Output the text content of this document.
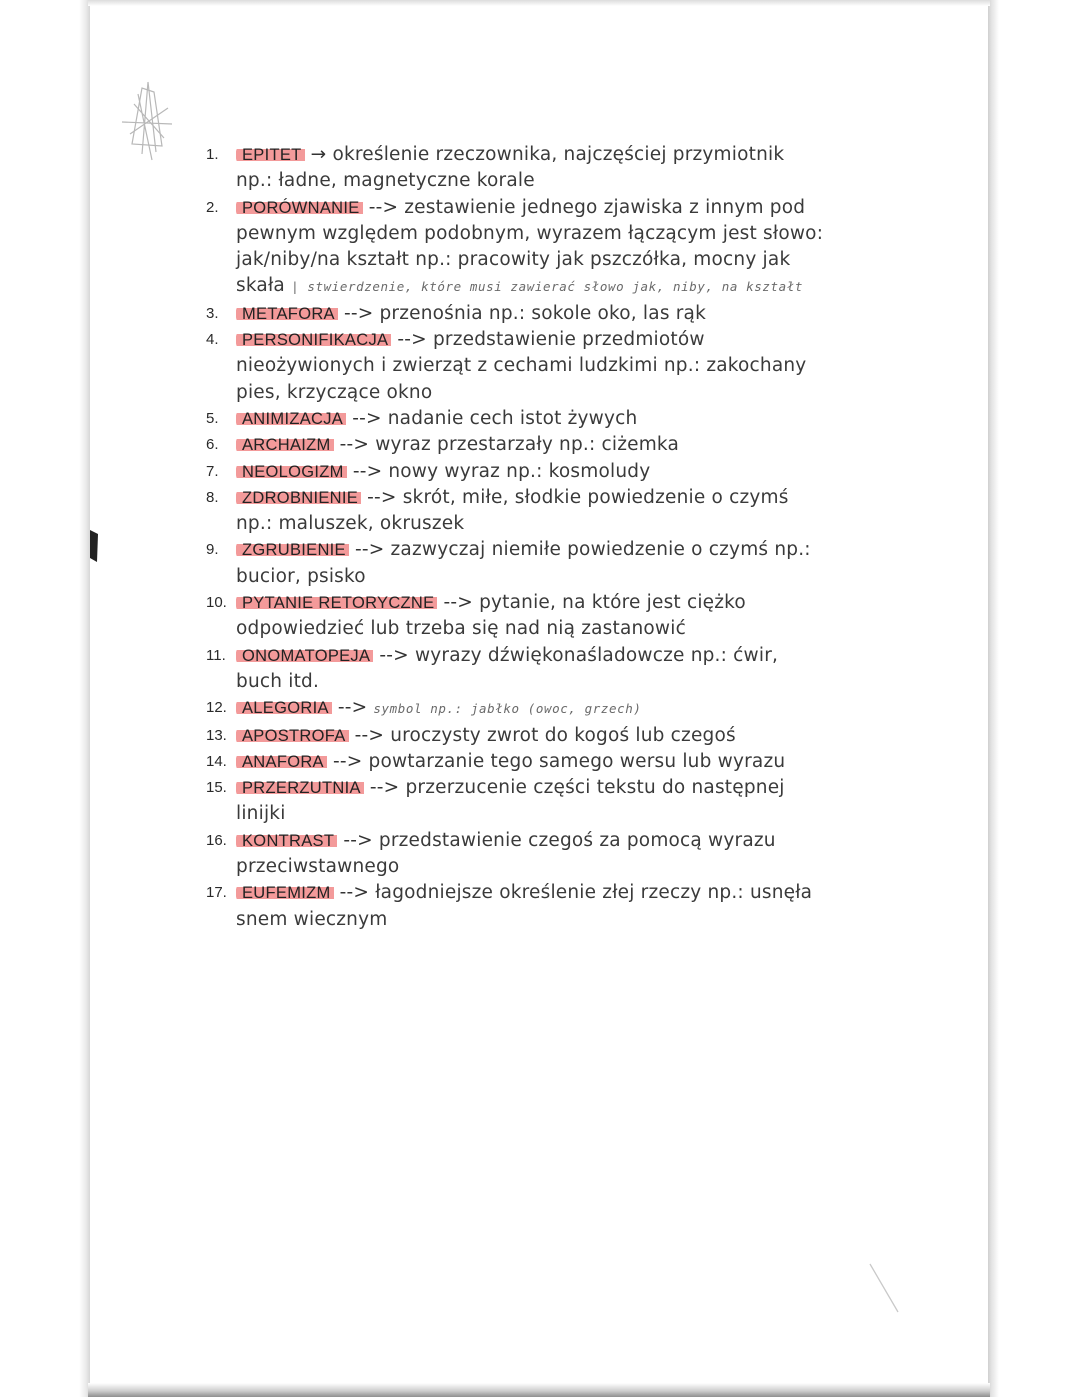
1.	EPITET → określenie rzeczownika, najczęściej przymiotnik
np.: ładne, magnetyczne korale
2.	PORÓWNANIE --> zestawienie jednego zjawiska z innym pod
pewnym względem podobnym, wyrazem łączącym jest słowo:
jak/niby/na kształt np.: pracowity jak pszczółka, mocny jak
skała | stwierdzenie, które musi zawierać słowo jak, niby, na kształt
3.	METAFORA --> przenośnia np.: sokole oko, las rąk
4.	PERSONIFIKACJA --> przedstawienie przedmiotów
nieożywionych i zwierząt z cechami ludzkimi np.: zakochany
pies, krzyczące okno
5.	ANIMIZACJA --> nadanie cech istot żywych
6.	ARCHAIZM --> wyraz przestarzały np.: ciżemka
7.	NEOLOGIZM --> nowy wyraz np.: kosmoludy
8.	ZDROBNIENIE --> skrót, miłe, słodkie powiedzenie o czymś
np.: maluszek, okruszek
9.	ZGRUBIENIE --> zazwyczaj niemiłe powiedzenie o czymś np.:
bucior, psisko
10. PYTANIE RETORYCZNE --> pytanie, na które jest ciężko
odpowiedzieć lub trzeba się nad nią zastanowić
11. ONOMATOPEJA --> wyrazy dźwiękonaśladowcze np.: ćwir,
buch itd.
12. ALEGORIA --> symbol np.: jabłko (owoc, grzech)
13. APOSTROFA --> uroczysty zwrot do kogoś lub czegoś
14. ANAFORA --> powtarzanie tego samego wersu lub wyrazu
15. PRZERZUTNIA --> przerzucenie części tekstu do następnej
linijki
16. KONTRAST --> przedstawienie czegoś za pomocą wyrazu
przeciwstawnego
17. EUFEMIZM --> łagodniejsze określenie złej rzeczy np.: usnęła
snem wiecznym
